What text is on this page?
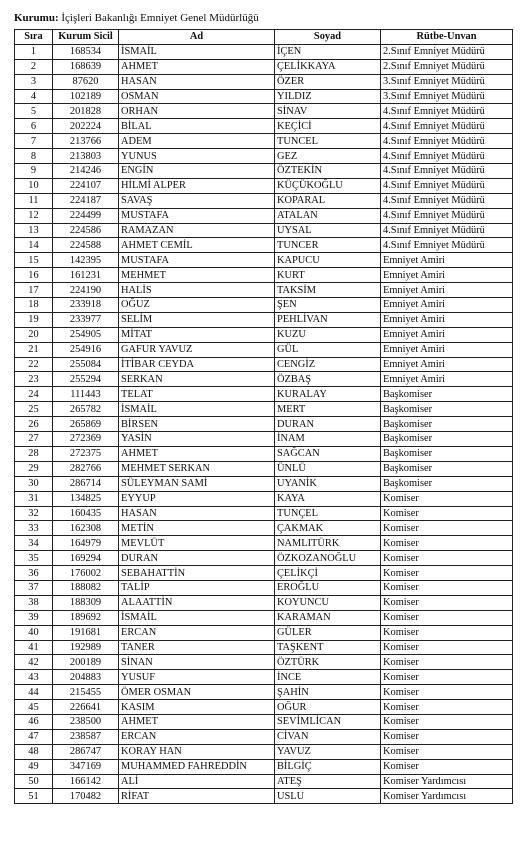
Kurumu: İçişleri Bakanlığı Emniyet Genel Müdürlüğü
Sıra	Kurum Sicil	Ad	Soyad	Rütbe-Unvan
1	168534	İSMAİL	İÇEN	2.Sınıf Emniyet Müdürü
2	168639	AHMET	ÇELİKKAYA	2.Sınıf Emniyet Müdürü
3	87620	HASAN	ÖZER	3.Sınıf Emniyet Müdürü
4	102189	OSMAN	YILDIZ	3.Sınıf Emniyet Müdürü
5	201828	ORHAN	SİNAV	4.Sınıf Emniyet Müdürü
6	202224	BİLAL	KEÇİCİ	4.Sınıf Emniyet Müdürü
7	213766	ADEM	TUNCEL	4.Sınıf Emniyet Müdürü
8	213803	YUNUS	GEZ	4.Sınıf Emniyet Müdürü
9	214246	ENGİN	ÖZTEKİN	4.Sınıf Emniyet Müdürü
10	224107	HİLMİ ALPER	KÜÇÜKOĞLU	4.Sınıf Emniyet Müdürü
11	224187	SAVAŞ	KOPARAL	4.Sınıf Emniyet Müdürü
12	224499	MUSTAFA	ATALAN	4.Sınıf Emniyet Müdürü
13	224586	RAMAZAN	UYSAL	4.Sınıf Emniyet Müdürü
14	224588	AHMET CEMİL	TUNCER	4.Sınıf Emniyet Müdürü
15	142395	MUSTAFA	KAPUCU	Emniyet Amiri
16	161231	MEHMET	KURT	Emniyet Amiri
17	224190	HALİS	TAKSİM	Emniyet Amiri
18	233918	OĞUZ	ŞEN	Emniyet Amiri
19	233977	SELİM	PEHLİVAN	Emniyet Amiri
20	254905	MİTAT	KUZU	Emniyet Amiri
21	254916	GAFUR YAVUZ	GÜL	Emniyet Amiri
22	255084	İTİBAR CEYDA	CENGİZ	Emniyet Amiri
23	255294	SERKAN	ÖZBAŞ	Emniyet Amiri
24	111443	TELAT	KURALAY	Başkomiser
25	265782	İSMAİL	MERT	Başkomiser
26	265869	BİRSEN	DURAN	Başkomiser
27	272369	YASİN	İNAM	Başkomiser
28	272375	AHMET	SAĞCAN	Başkomiser
29	282766	MEHMET SERKAN	ÜNLÜ	Başkomiser
30	286714	SÜLEYMAN SAMİ	UYANİK	Başkomiser
31	134825	EYYUP	KAYA	Komiser
32	160435	HASAN	TUNÇEL	Komiser
33	162308	METİN	ÇAKMAK	Komiser
34	164979	MEVLÜT	NAMLITÜRK	Komiser
35	169294	DURAN	ÖZKOZANOĞLU	Komiser
36	176002	SEBAHATTİN	ÇELİKÇİ	Komiser
37	188082	TALİP	EROĞLU	Komiser
38	188309	ALAATTİN	KOYUNCU	Komiser
39	189692	İSMAİL	KARAMAN	Komiser
40	191681	ERCAN	GÜLER	Komiser
41	192989	TANER	TAŞKENT	Komiser
42	200189	SİNAN	ÖZTÜRK	Komiser
43	204883	YUSUF	İNCE	Komiser
44	215455	ÖMER OSMAN	ŞAHİN	Komiser
45	226641	KASIM	OĞUR	Komiser
46	238500	AHMET	SEVİMLİCAN	Komiser
47	238587	ERCAN	CİVAN	Komiser
48	286747	KORAY HAN	YAVUZ	Komiser
49	347169	MUHAMMED FAHREDDİN	BİLGİÇ	Komiser
50	166142	ALİ	ATEŞ	Komiser Yardımcısı
51	170482	RİFAT	USLU	Komiser Yardımcısı
